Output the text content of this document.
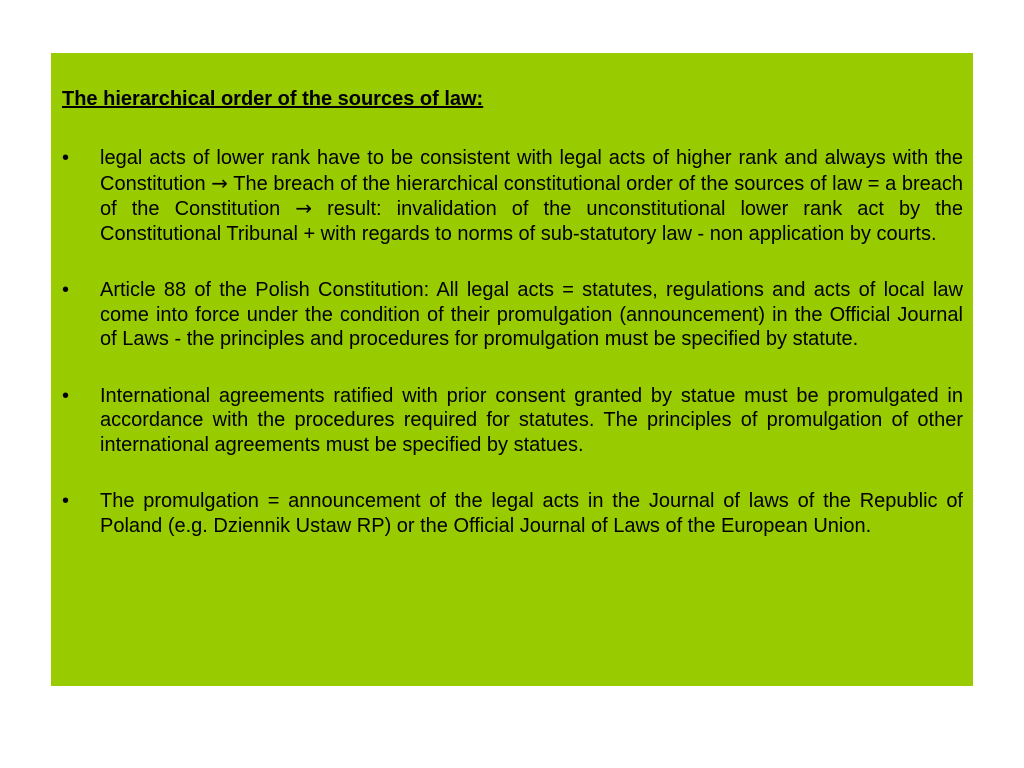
The hierarchical order of the sources of law:
•	legal acts of lower rank have to be consistent with legal acts of higher rank and always with the Constitution → The breach of the hierarchical constitutional order of the sources of law = a breach of the Constitution → result: invalidation of the unconstitutional lower rank act by the Constitutional Tribunal + with regards to norms of sub-statutory law - non application by courts.
•	Article 88 of the Polish Constitution: All legal acts = statutes, regulations and acts of local law come into force under the condition of their promulgation (announcement) in the Official Journal of Laws - the principles and procedures for promulgation must be specified by statute.
•	International agreements ratified with prior consent granted by statue must be promulgated in accordance with the procedures required for statutes. The principles of promulgation of other international agreements must be specified by statues.
•	The promulgation = announcement of the legal acts in the Journal of laws of the Republic of Poland (e.g. Dziennik Ustaw RP) or the Official Journal of Laws of the European Union.
